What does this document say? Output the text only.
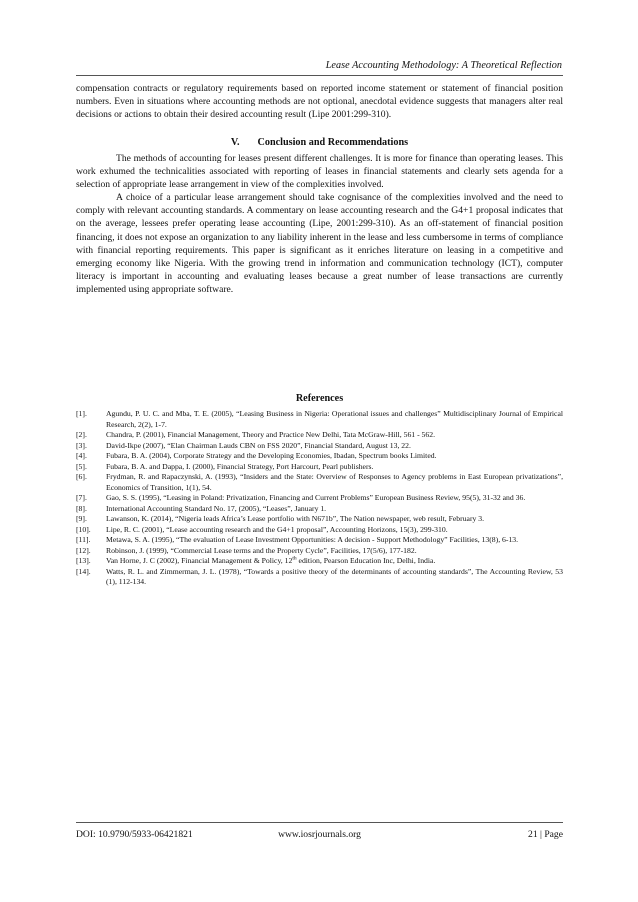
Lease Accounting Methodology: A Theoretical Reflection

compensation contracts or regulatory requirements based on reported income statement or statement of financial position numbers. Even in situations where accounting methods are not optional, anecdotal evidence suggests that managers alter real decisions or actions to obtain their desired accounting result (Lipe 2001:299-310).

V. Conclusion and Recommendations

The methods of accounting for leases present different challenges. It is more for finance than operating leases. This work exhumed the technicalities associated with reporting of leases in financial statements and clearly sets agenda for a selection of appropriate lease arrangement in view of the complexities involved.

A choice of a particular lease arrangement should take cognisance of the complexities involved and the need to comply with relevant accounting standards. A commentary on lease accounting research and the G4+1 proposal indicates that on the average, lessees prefer operating lease accounting (Lipe, 2001:299-310). As an off-statement of financial position financing, it does not expose an organization to any liability inherent in the lease and less cumbersome in terms of compliance with financial reporting requirements. This paper is significant as it enriches literature on leasing in a competitive and emerging economy like Nigeria. With the growing trend in information and communication technology (ICT), computer literacy is important in accounting and evaluating leases because a great number of lease transactions are currently implemented using appropriate software.

References
[1].	Agundu, P. U. C. and Mba, T. E. (2005), “Leasing Business in Nigeria: Operational issues and challenges” Multidisciplinary Journal of Empirical Research, 2(2), 1-7.
[2].	Chandra, P. (2001), Financial Management, Theory and Practice New Delhi, Tata McGraw-Hill, 561 - 562.
[3].	David-Ikpe (2007), “Elan Chairman Lauds CBN on FSS 2020”, Financial Standard, August 13, 22.
[4].	Fubara, B. A. (2004), Corporate Strategy and the Developing Economies, Ibadan, Spectrum books Limited.
[5].	Fubara, B. A. and Dappa, I. (2000), Financial Strategy, Port Harcourt, Pearl publishers.
[6].	Frydman, R. and Rapaczynski, A. (1993), “Insiders and the State: Overview of Responses to Agency problems in East European privatizations”, Economics of Transition, 1(1), 54.
[7].	Gao, S. S. (1995), “Leasing in Poland: Privatization, Financing and Current Problems” European Business Review, 95(5), 31-32 and 36.
[8].	International Accounting Standard No. 17, (2005), “Leases”, January 1.
[9].	Lawanson, K. (2014), “Nigeria leads Africa’s Lease portfolio with N671b”, The Nation newspaper, web result, February 3.
[10].	Lipe, R. C. (2001), “Lease accounting research and the G4+1 proposal”, Accounting Horizons, 15(3), 299-310.
[11].	Metawa, S. A. (1995), “The evaluation of Lease Investment Opportunities: A decision - Support Methodology” Facilities, 13(8), 6-13.
[12].	Robinson, J. (1999), “Commercial Lease terms and the Property Cycle”, Facilities, 17(5/6), 177-182.
[13].	Van Horne, J. C (2002), Financial Management & Policy, 12th edition, Pearson Education Inc, Delhi, India.
[14].	Watts, R. L. and Zimmerman, J. L. (1978), “Towards a positive theory of the determinants of accounting standards”, The Accounting Review, 53 (1), 112-134.
DOI: 10.9790/5933-06421821	www.iosrjournals.org	21 | Page
